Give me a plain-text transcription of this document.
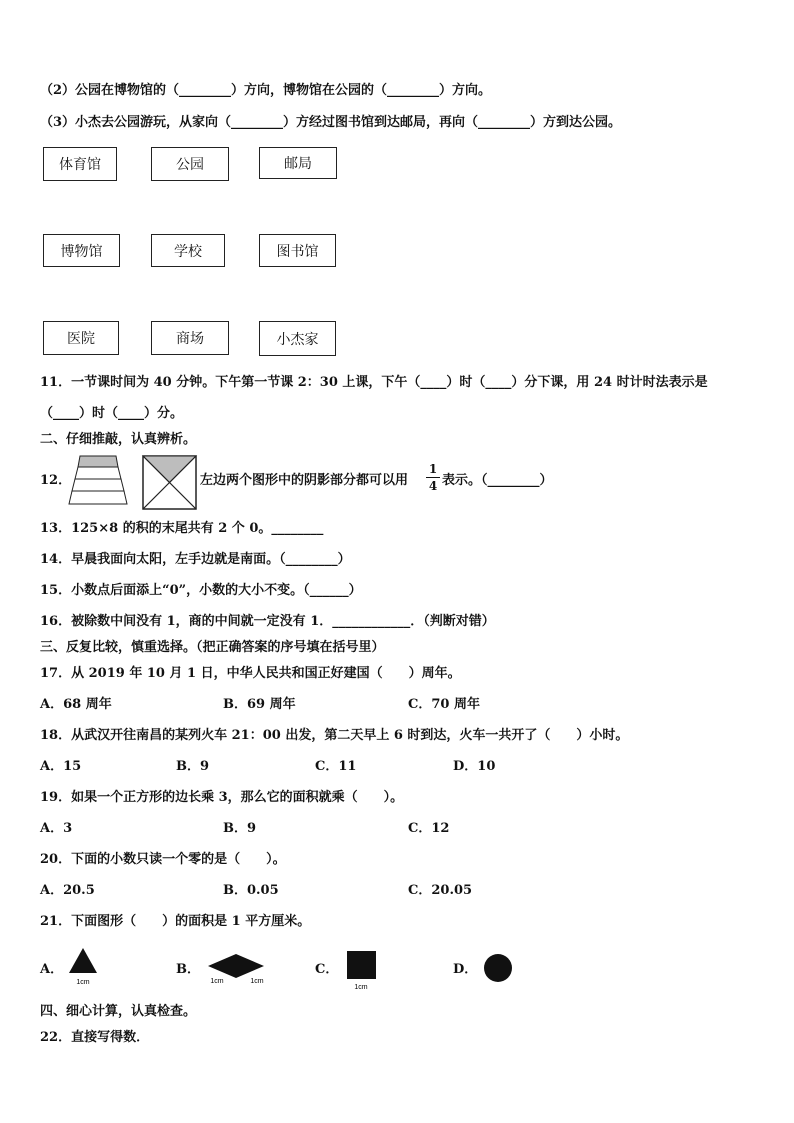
（2）公园在博物馆的（________）方向，博物馆在公园的（________）方向。
（3）小杰去公园游玩，从家向（________）方经过图书馆到达邮局，再向（________）方到达公园。
体育馆	公园	邮局
博物馆	学校	图书馆
医院	商场	小杰家
11．一节课时间为 40 分钟。下午第一节课 2：30 上课，下午（____）时（____）分下课，用 24 时计时法表示是
（____）时（____）分。
二、仔细推敲，认真辨析。
12．	左边两个图形中的阴影部分都可以用
1
4 表示。（________）
13．125×8 的积的末尾共有 2 个 0。________
14．早晨我面向太阳，左手边就是南面。（________）
15．小数点后面添上“0”，小数的大小不变。（______）
16．被除数中间没有 1，商的中间就一定没有 1．____________．（判断对错）
三、反复比较，慎重选择。（把正确答案的序号填在括号里）
17．从 2019 年 10 月 1 日，中华人民共和国正好建国（　　）周年。
A．68 周年	B．69 周年	C．70 周年
18．从武汉开往南昌的某列火车 21：00 出发，第二天早上 6 时到达，火车一共开了（　　）小时。
A．15	B．9	C．11	D．10
19．如果一个正方形的边长乘 3，那么它的面积就乘（　　）。
A．3	B．9	C．12
20．下面的小数只读一个零的是（　　）。
A．20.5	B．0.05	C．20.05
21．下面图形（　　）的面积是 1 平方厘米。
A．
1cm
B．
1cm	1cm
C．
1cm
D．
四、细心计算，认真检查。
22．直接写得数．
